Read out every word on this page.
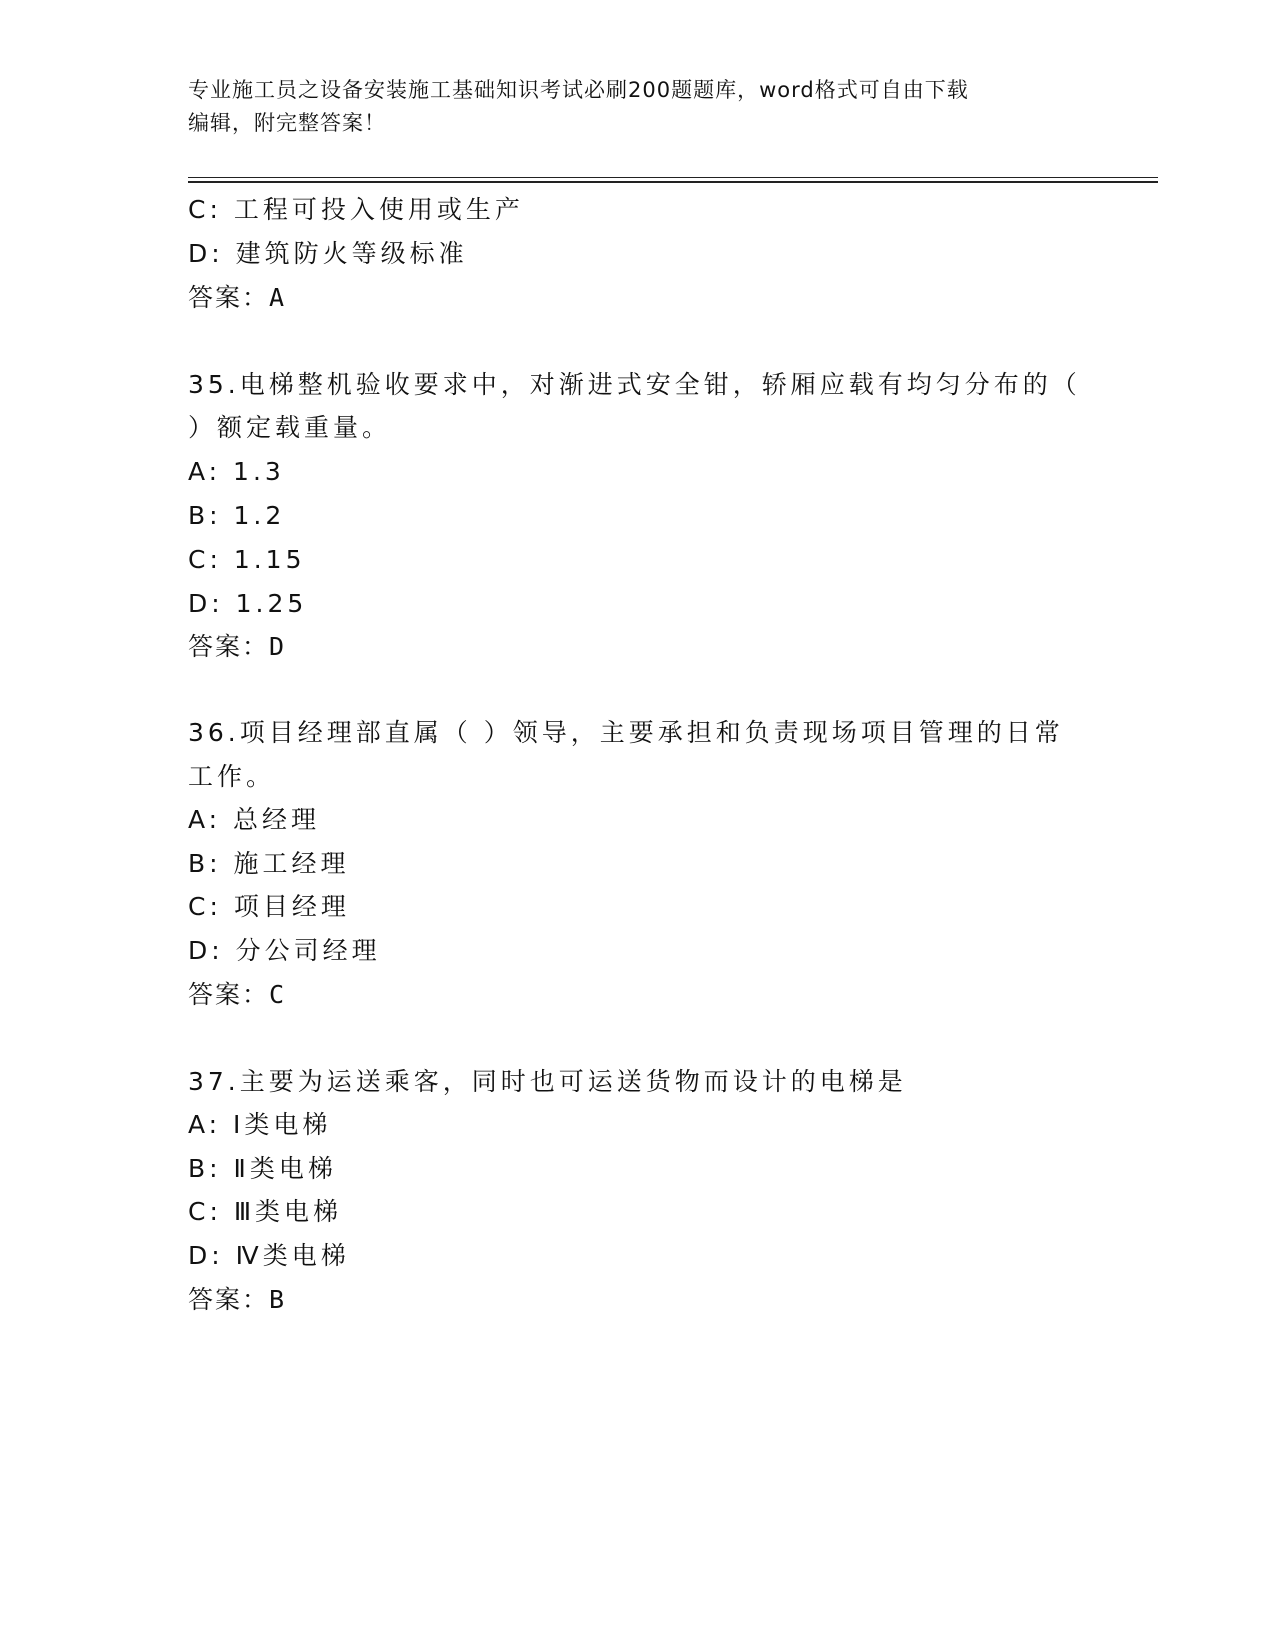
专业施工员之设备安装施工基础知识考试必刷200题题库，word格式可自由下载
编辑，附完整答案！
C: 工程可投入使用或生产
D: 建筑防火等级标准
答案：A
35.电梯整机验收要求中，对渐进式安全钳，轿厢应载有均匀分布的（
）额定载重量。
A: 1.3
B: 1.2
C: 1.15
D: 1.25
答案：D
36.项目经理部直属（ ）领导，主要承担和负责现场项目管理的日常
工作。
A: 总经理
B: 施工经理
C: 项目经理
D: 分公司经理
答案：C
37.主要为运送乘客，同时也可运送货物而设计的电梯是
A: Ⅰ类电梯
B: Ⅱ类电梯
C: Ⅲ类电梯
D: Ⅳ类电梯
答案：B
